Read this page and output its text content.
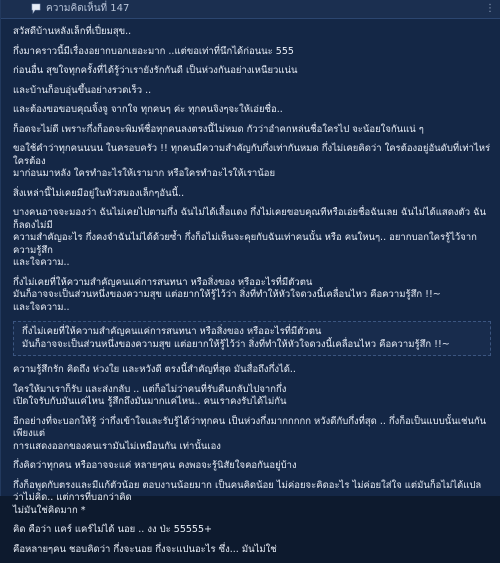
ความคิดเห็นที่ 147	⋮

สวัสดีบ้านหลังเล็กที่เปี่ยมสุข..

กึ่งมาคราวนี้มีเรื่องอยากบอกเยอะมาก ..แต่ขอเท่าที่นึกได้ก่อนนะ 555

ก่อนอื่น สุขใจทุกครั้งที่ได้รู้ว่าเรายังรักกันดี เป็นห่วงกันอย่างเหนียวแน่น

และบ้านก็อบอุ่นขึ้นอย่างรวดเร็ว ..

และต้องขอขอบคุณจิ้งจู จากใจ ทุกคนๆ ค่ะ ทุกคนจิงๆจะให้เอ่ยชื่อ..

ก็อดจะไม่ดี เพราะกึ่งก็อดจะพิมพ์ชื่อทุกคนลงตรงนี้ไม่หมด กัวว่าอำคกหล่นชื่อใครไป จะน้อยใจกันแน่ ๆ

ขอใช้คำว่าทุกคนนนน ในครอบครัว !! ทุกคนมีความสำคัญกับกึ่งเท่ากันหมด กึ่งไม่เคยคิดว่า ใครต้องอยู่อันดับที่เท่าไหร่ ใครต้อง
มาก่อนมาหลัง ใครทำอะไรให้เรามาก หรือใครทำอะไรให้เราน้อย

สิ่งเหล่านี้ไม่เคยมีอยู่ในหัวสมองเล็กๆอันนี้..

บางคนอาจจะมองว่า ฉันไม่เคยไปตามกึ่ง ฉันไม่ได้เสื้อแดง กึ่งไม่เคยขอบคุณทีหรือเอ่ยชื่อฉันเลย ฉันไม่ได้แสดงตัว ฉันก็ลดงไม่มี
ความสำคัญอะไร กึ่งคงจำฉันไม่ได้ด้วยซ้ำ กึ่งก็อไม่เห็นจะคุยกับฉันเท่าคนนั้น หรือ คนใหนๆ.. อยากบอกใครรู้ไว้จากความรู้สึก
และใจความ..

กึ่งไม่เคยที่ให้ความสำคัญคนแค่การสนทนา หรือสิ่งของ หรืออะไรที่มีตัวตน
มันก็อาจจะเป็นส่วนหนึ่งของความสุข แต่อยากให้รู้ไว้ว่า สิ่งที่ทำให้หัวใจดวงนี้เคลื่อนไหว คือความรู้สึก !!~
และใจความ..

กึ่งไม่เคยที่ให้ความสำคัญคนแค่การสนทนา หรือสิ่งของ หรืออะไรที่มีตัวตน
มันก็อาจจะเป็นส่วนหนึ่งของความสุข แต่อยากให้รู้ไว้ว่า สิ่งที่ทำให้หัวใจดวงนี้เคลื่อนไหว คือความรู้สึก !!~

ความรู้สึกรัก คิดถึง ห่วงใย และหวังดี ตรงนี้สำคัญที่สุด มันสื่อถึงกึ่งได้..

ใครให้มาเราก็รับ และส่งกลับ .. แต่ก็อไม่ว่าคนที่รับคืนกลับไปจากกึ่ง
เปิดใจรับกับมันแค่ไหน รู้สึกถึงมันมากแค่ไหน.. คนเราคงรับได้ไม่กัน

อีกอย่างที่จะบอกให้รู้ ว่ากึ่งเข้าใจและรับรู้ได้ว่าทุกคน เป็นห่วงกึ่งมากกกกก หวังดีกับกึ่งที่สุด .. กึ่งก็อเป็นแบบนั้นเช่นกัน เพียงแต่
การแสดงออกของคนเรามันไม่เหมือนกัน เท่านั้นเอง

กึ่งคิดว่าทุกคน หรืออาจจะแค่ หลายๆคน คงพอจะรู้นิสัยใจคอกันอยู่บ้าง

กึ่งก็อพูดกับตรงและมีแก้ตัวน้อย ตอบงานน้อยมาก เป็นคนคิดน้อย ไม่ค่อยจะคิดอะไร ไม่ค่อยใส่ใจ แต่มันก็อไม่ได้แปลว่าไม่คิด.. แต่การที่บอกว่าคิด
ไม่มันใช่คิดมาก *

คิด คือว่า แคร์ แคร์ไม่ได้ นอย .. งง ป่ะ 55555+

คือหลายๆคน ชอบคิดว่า กึ่งจะนอย กึ่งจะแปนอะไร ซึ่ง... มันไม่ใช่
